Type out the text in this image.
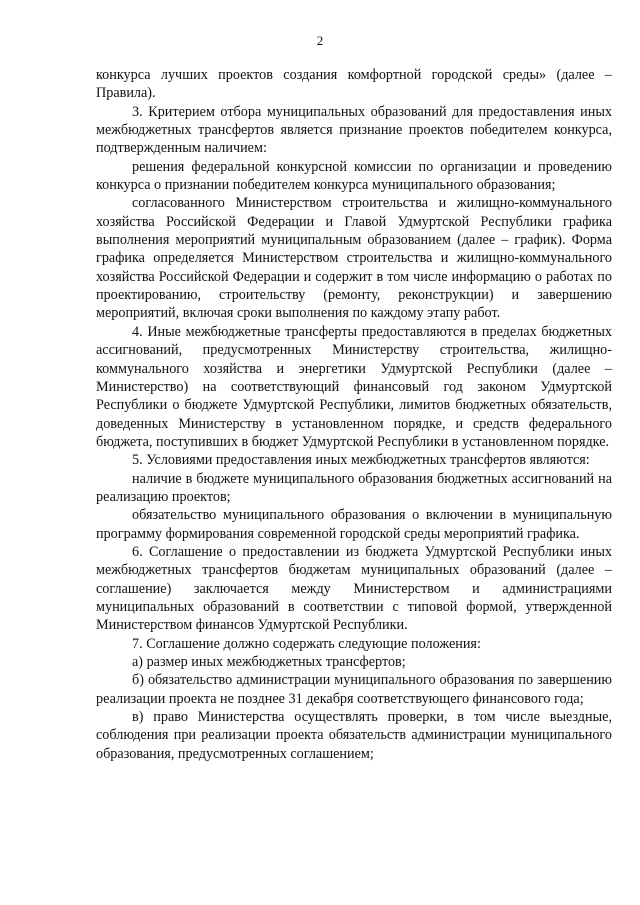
2

конкурса лучших проектов создания комфортной городской среды» (далее – Правила).

3. Критерием отбора муниципальных образований для предоставления иных межбюджетных трансфертов является признание проектов победителем конкурса, подтвержденным наличием:

решения федеральной конкурсной комиссии по организации и проведению конкурса о признании победителем конкурса муниципального образования;

согласованного Министерством строительства и жилищно-коммунального хозяйства Российской Федерации и Главой Удмуртской Республики графика выполнения мероприятий муниципальным образованием (далее – график). Форма графика определяется Министерством строительства и жилищно-коммунального хозяйства Российской Федерации и содержит в том числе информацию о работах по проектированию, строительству (ремонту, реконструкции) и завершению мероприятий, включая сроки выполнения по каждому этапу работ.

4. Иные межбюджетные трансферты предоставляются в пределах бюджетных ассигнований, предусмотренных Министерству строительства, жилищно-коммунального хозяйства и энергетики Удмуртской Республики (далее – Министерство) на соответствующий финансовый год законом Удмуртской Республики о бюджете Удмуртской Республики, лимитов бюджетных обязательств, доведенных Министерству в установленном порядке, и средств федерального бюджета, поступивших в бюджет Удмуртской Республики в установленном порядке.

5. Условиями предоставления иных межбюджетных трансфертов являются:

наличие в бюджете муниципального образования бюджетных ассигнований на реализацию проектов;

обязательство муниципального образования о включении в муниципальную программу формирования современной городской среды мероприятий графика.

6. Соглашение о предоставлении из бюджета Удмуртской Республики иных межбюджетных трансфертов бюджетам муниципальных образований (далее – соглашение) заключается между Министерством и администрациями муниципальных образований в соответствии с типовой формой, утвержденной Министерством финансов Удмуртской Республики.

7. Соглашение должно содержать следующие положения:

а) размер иных межбюджетных трансфертов;

б) обязательство администрации муниципального образования по завершению реализации проекта не позднее 31 декабря соответствующего финансового года;

в) право Министерства осуществлять проверки, в том числе выездные, соблюдения при реализации проекта обязательств администрации муниципального образования, предусмотренных соглашением;
